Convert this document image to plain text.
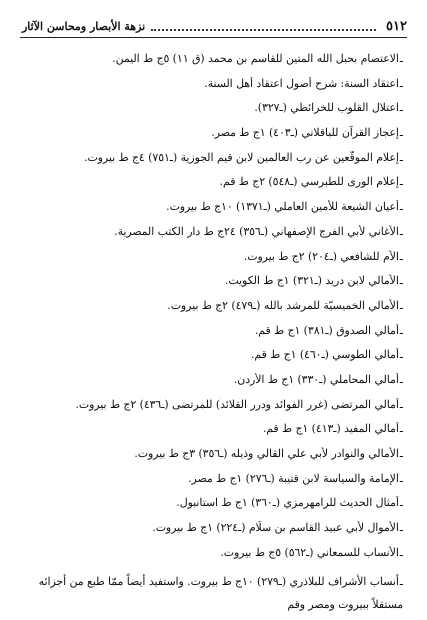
٥١٢
نزهة الأبصار ومحاسن الآثار
ـالاعتصام بحبل الله المتين للقاسم بن محمد (ق ١١) ٥ج ط اليمن.
ـاعتقاد السنة: شرح أصول اعتقاد أهل السنة.
ـاعتلال القلوب للخرائطي (ـ٣٢٧).
ـإعجاز القرآن للباقلاني (ـ٤٠٣) ١ج ط مصر.
ـإعلام الموقّعين عن رب العالمين لابن قيم الجوزية (ـ٧٥١) ٤ج ط بيروت.
ـإعلام الورى للطبرسي (ـ٥٤٨) ٢ج ط قم.
ـأعيان الشيعة للأمين العاملي (ـ١٣٧١) ١٠ج ط بيروت.
ـالأغاني لأبي الفرج الإصفهاني (ـ٣٥٦) ٢٤ج ط دار الكتب المصرية.
ـالأم للشافعي (ـ٢٠٤) ٢ج ط بيروت.
ـالأمالي لابن دريد (ـ٣٢١) ١ج ط الكويت.
ـالأمالي الخميسيّة للمرشد بالله (ـ٤٧٩) ٢ج ط بيروت.
ـأمالي الصدوق (ـ٣٨١) ١ج ط قم.
ـأمالي الطوسي (ـ٤٦٠) ١ج ط قم.
ـأمالي المحاملي (ـ٣٣٠) ١ج ط الأردن.
ـأمالي المرتضى (غرر الفوائد ودرر القلائد) للمرتضى (ـ٤٣٦) ٢ج ط بيروت.
ـأمالي المفيد (ـ٤١٣) ١ج ط قم.
ـالأمالي والنوادر لأبي علي القالي وذيله (ـ٣٥٦) ٣ج ط بيروت.
ـالإمامة والسياسة لابن قتيبة (ـ٢٧٦) ١ج ط مصر.
ـأمثال الحديث للرامهرمزي (ـ٣٦٠) ١ج ط استانبول.
ـالأموال لأبي عبيد القاسم بن سلّام (ـ٢٢٤) ١ج ط بيروت.
ـالأنساب للسمعاني (ـ٥٦٢) ٥ج ط بيروت.
ـأنساب الأشراف للبلاذري (ـ٢٧٩) ١٠ج ط بيروت. واستفيد أيضاً ممّا طبع من أجزائه مستقلاً ببيروت ومصر وقم
